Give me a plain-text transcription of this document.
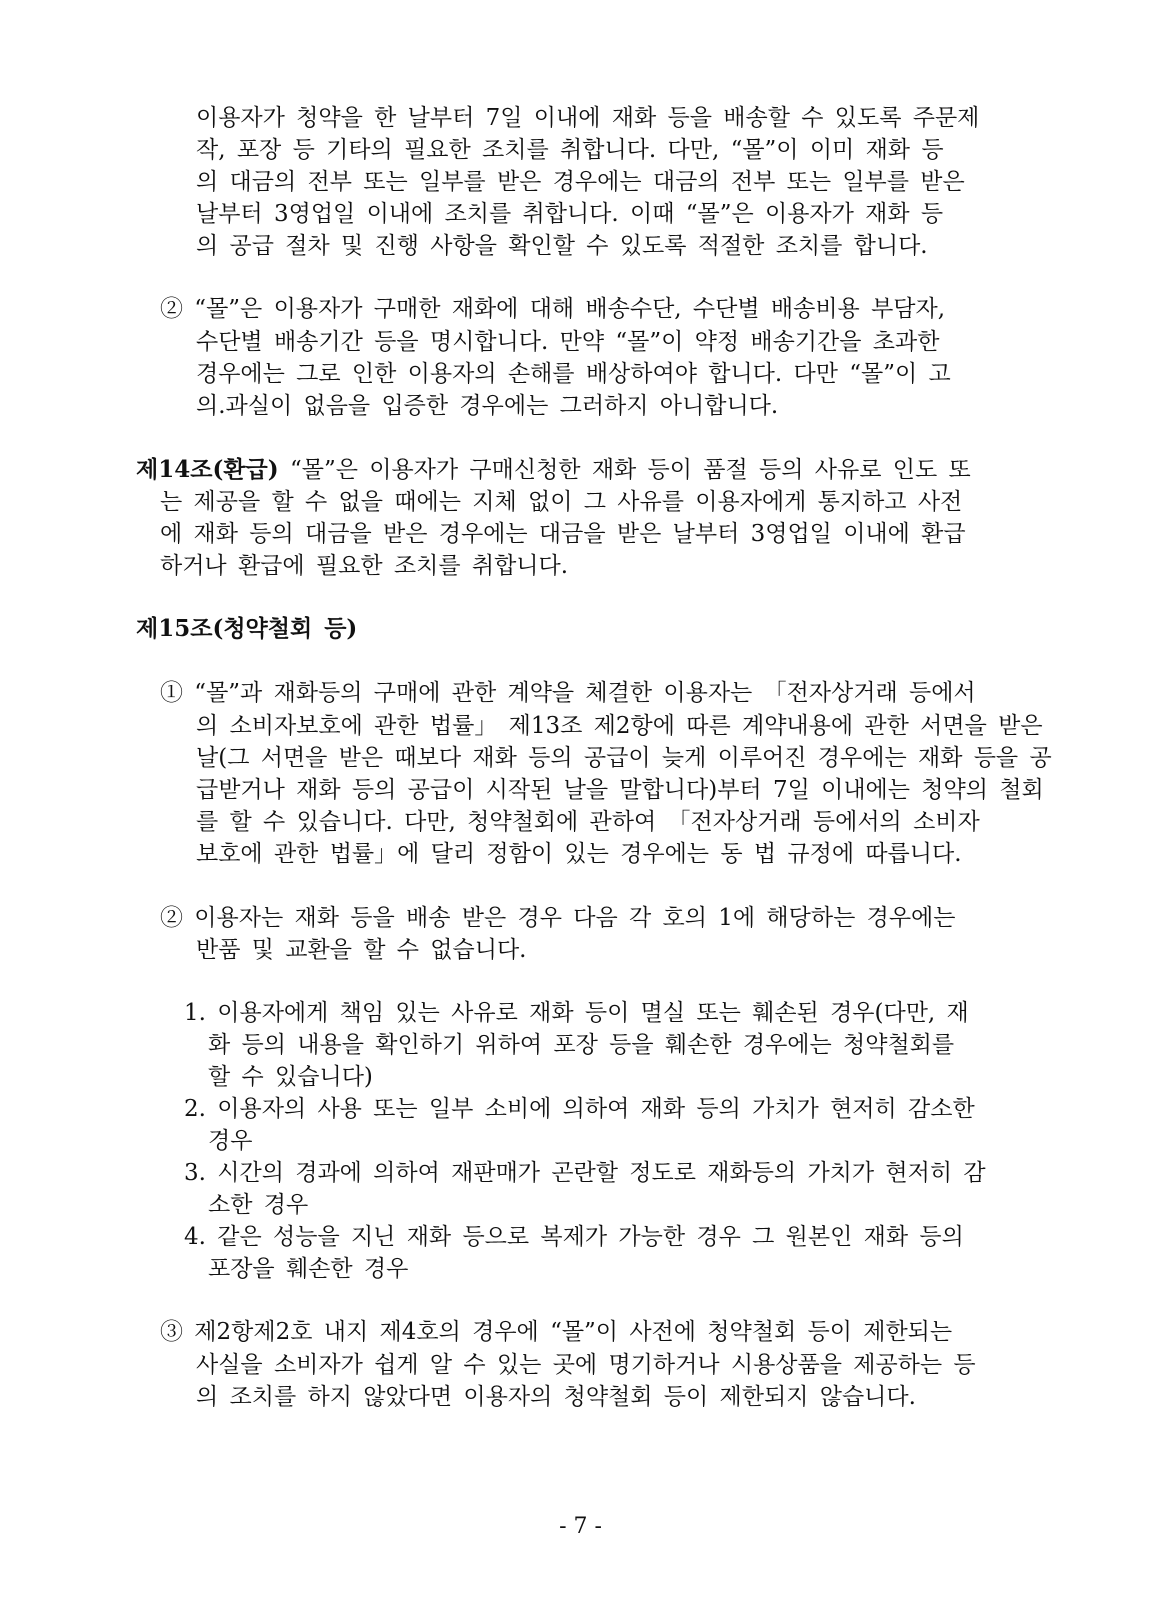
이용자가 청약을 한 날부터 7일 이내에 재화 등을 배송할 수 있도록 주문제
작, 포장 등 기타의 필요한 조치를 취합니다. 다만, “몰”이 이미 재화 등
의 대금의 전부 또는 일부를 받은 경우에는 대금의 전부 또는 일부를 받은
날부터 3영업일 이내에 조치를 취합니다. 이때 “몰”은 이용자가 재화 등
의 공급 절차 및 진행 사항을 확인할 수 있도록 적절한 조치를 합니다.
② “몰”은 이용자가 구매한 재화에 대해 배송수단, 수단별 배송비용 부담자,
수단별 배송기간 등을 명시합니다. 만약 “몰”이 약정 배송기간을 초과한
경우에는 그로 인한 이용자의 손해를 배상하여야 합니다. 다만 “몰”이 고
의.과실이 없음을 입증한 경우에는 그러하지 아니합니다.
제14조(환급) “몰”은 이용자가 구매신청한 재화 등이 품절 등의 사유로 인도 또
는 제공을 할 수 없을 때에는 지체 없이 그 사유를 이용자에게 통지하고 사전
에 재화 등의 대금을 받은 경우에는 대금을 받은 날부터 3영업일 이내에 환급
하거나 환급에 필요한 조치를 취합니다.
제15조(청약철회 등)
① “몰”과 재화등의 구매에 관한 계약을 체결한 이용자는 「전자상거래 등에서
의 소비자보호에 관한 법률」 제13조 제2항에 따른 계약내용에 관한 서면을 받은
날(그 서면을 받은 때보다 재화 등의 공급이 늦게 이루어진 경우에는 재화 등을 공
급받거나 재화 등의 공급이 시작된 날을 말합니다)부터 7일 이내에는 청약의 철회
를 할 수 있습니다. 다만, 청약철회에 관하여 「전자상거래 등에서의 소비자
보호에 관한 법률」에 달리 정함이 있는 경우에는 동 법 규정에 따릅니다.
② 이용자는 재화 등을 배송 받은 경우 다음 각 호의 1에 해당하는 경우에는
반품 및 교환을 할 수 없습니다.
1. 이용자에게 책임 있는 사유로 재화 등이 멸실 또는 훼손된 경우(다만, 재
화 등의 내용을 확인하기 위하여 포장 등을 훼손한 경우에는 청약철회를
할 수 있습니다)
2. 이용자의 사용 또는 일부 소비에 의하여 재화 등의 가치가 현저히 감소한
경우
3. 시간의 경과에 의하여 재판매가 곤란할 정도로 재화등의 가치가 현저히 감
소한 경우
4. 같은 성능을 지닌 재화 등으로 복제가 가능한 경우 그 원본인 재화 등의
포장을 훼손한 경우
③ 제2항제2호 내지 제4호의 경우에 “몰”이 사전에 청약철회 등이 제한되는
사실을 소비자가 쉽게 알 수 있는 곳에 명기하거나 시용상품을 제공하는 등
의 조치를 하지 않았다면 이용자의 청약철회 등이 제한되지 않습니다.
- 7 -
